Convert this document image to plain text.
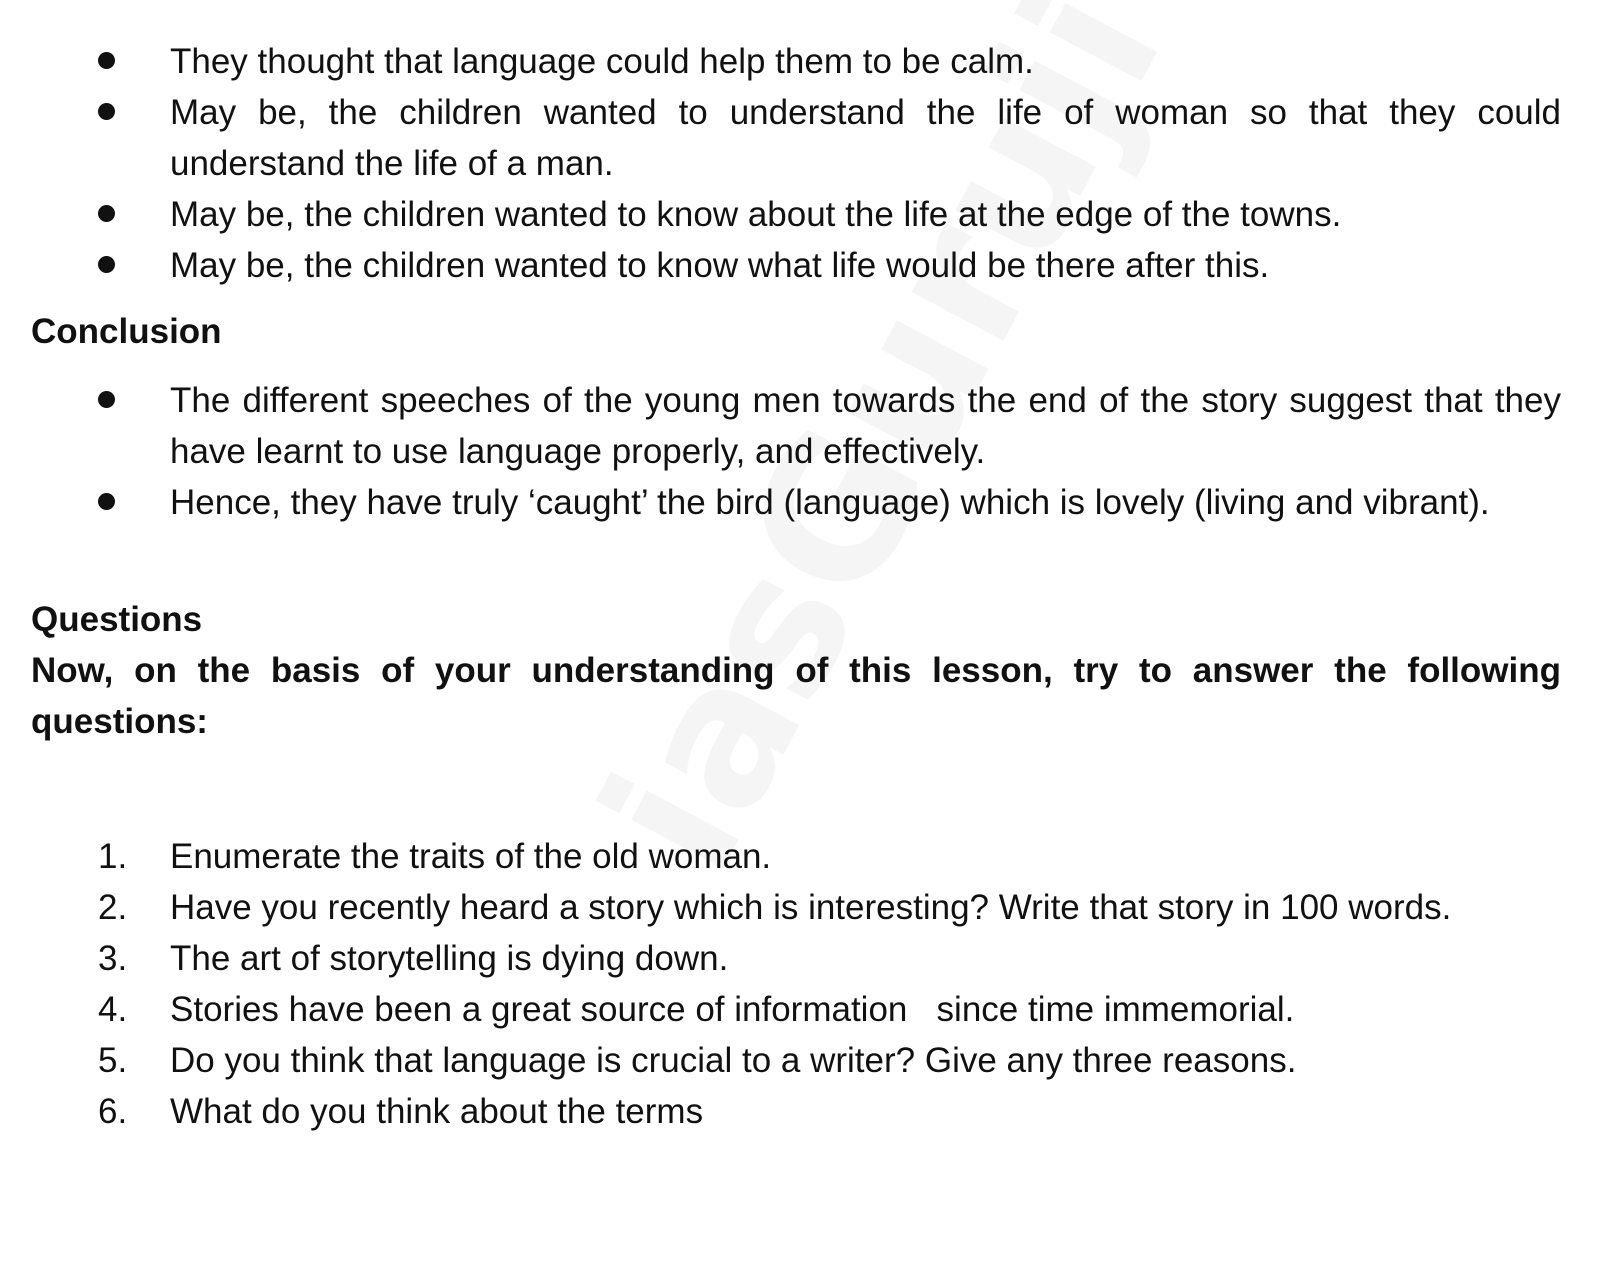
They thought that language could help them to be calm.
May be, the children wanted to understand the life of woman so that they could understand the life of a man.
May be, the children wanted to know about the life at the edge of the towns.
May be, the children wanted to know what life would be there after this.
Conclusion
The different speeches of the young men towards the end of the story suggest that they have learnt to use language properly, and effectively.
Hence, they have truly ‘caught’ the bird (language) which is lovely (living and vibrant).
Questions
Now, on the basis of your understanding of this lesson, try to answer the following questions:
1. Enumerate the traits of the old woman.
2. Have you recently heard a story which is interesting? Write that story in 100 words.
3. The art of storytelling is dying down.
4. Stories have been a great source of information   since time immemorial.
5. Do you think that language is crucial to a writer? Give any three reasons.
6. What do you think about the terms
